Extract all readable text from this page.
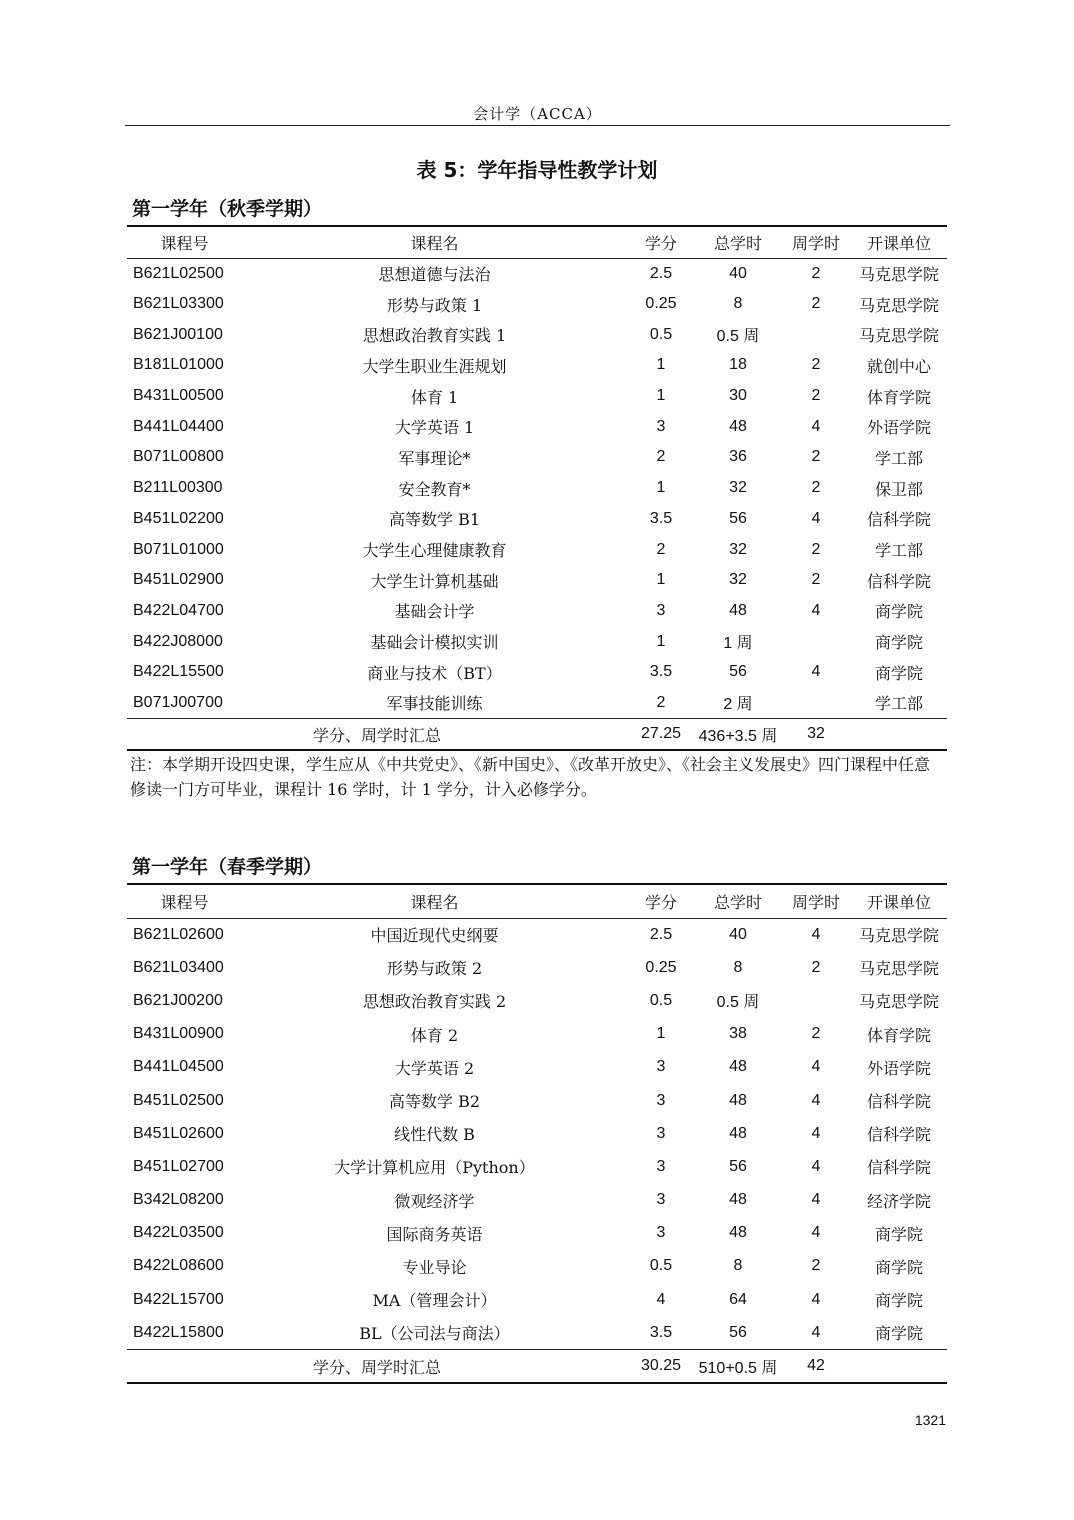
会计学（ACCA）
表 5：学年指导性教学计划
第一学年（秋季学期）
课程号	课程名	学分	总学时	周学时	开课单位
B621L02500	思想道德与法治	2.5	40	2	马克思学院
B621L03300	形势与政策 1	0.25	8	2	马克思学院
B621J00100	思想政治教育实践 1	0.5	0.5 周		马克思学院
B181L01000	大学生职业生涯规划	1	18	2	就创中心
B431L00500	体育 1	1	30	2	体育学院
B441L04400	大学英语 1	3	48	4	外语学院
B071L00800	军事理论*	2	36	2	学工部
B211L00300	安全教育*	1	32	2	保卫部
B451L02200	高等数学 B1	3.5	56	4	信科学院
B071L01000	大学生心理健康教育	2	32	2	学工部
B451L02900	大学生计算机基础	1	32	2	信科学院
B422L04700	基础会计学	3	48	4	商学院
B422J08000	基础会计模拟实训	1	1 周		商学院
B422L15500	商业与技术（BT）	3.5	56	4	商学院
B071J00700	军事技能训练	2	2 周		学工部
学分、周学时汇总		27.25	436+3.5 周	32	
注：本学期开设四史课，学生应从《中共党史》、《新中国史》、《改革开放史》、《社会主义发展史》四门课程中任意修读一门方可毕业，课程计 16 学时，计 1 学分，计入必修学分。
第一学年（春季学期）
课程号	课程名	学分	总学时	周学时	开课单位
B621L02600	中国近现代史纲要	2.5	40	4	马克思学院
B621L03400	形势与政策 2	0.25	8	2	马克思学院
B621J00200	思想政治教育实践 2	0.5	0.5 周		马克思学院
B431L00900	体育 2	1	38	2	体育学院
B441L04500	大学英语 2	3	48	4	外语学院
B451L02500	高等数学 B2	3	48	4	信科学院
B451L02600	线性代数 B	3	48	4	信科学院
B451L02700	大学计算机应用（Python）	3	56	4	信科学院
B342L08200	微观经济学	3	48	4	经济学院
B422L03500	国际商务英语	3	48	4	商学院
B422L08600	专业导论	0.5	8	2	商学院
B422L15700	MA（管理会计）	4	64	4	商学院
B422L15800	BL（公司法与商法）	3.5	56	4	商学院
学分、周学时汇总		30.25	510+0.5 周	42	
1321
